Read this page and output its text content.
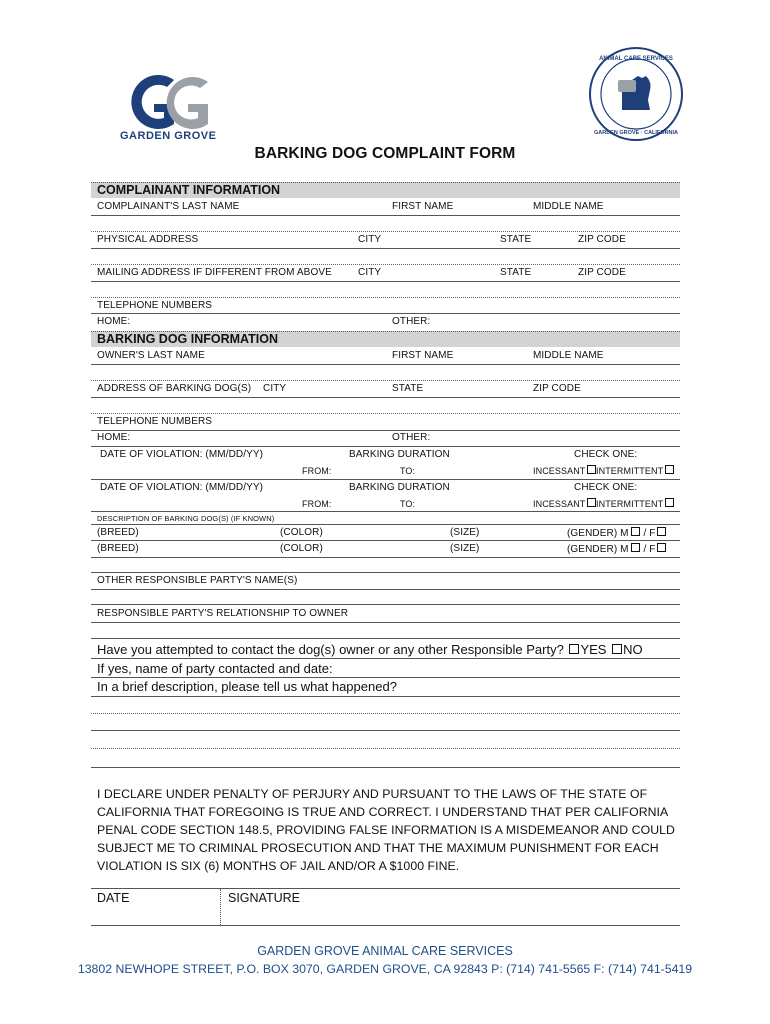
GARDEN GROVE
ANIMAL CARE SERVICES
GARDEN GROVE · CALIFORNIA
BARKING DOG COMPLAINT FORM
COMPLAINANT INFORMATION
COMPLAINANT'S LAST NAME	FIRST NAME	MIDDLE NAME
PHYSICAL ADDRESS	CITY	STATE	ZIP CODE
MAILING ADDRESS IF DIFFERENT FROM ABOVE	CITY	STATE	ZIP CODE
TELEPHONE NUMBERS
HOME:	OTHER:
BARKING DOG INFORMATION
OWNER'S LAST NAME	FIRST NAME	MIDDLE NAME
ADDRESS OF BARKING DOG(S) CITY	STATE	ZIP CODE
TELEPHONE NUMBERS
HOME:	OTHER:
DATE OF VIOLATION: (MM/DD/YY)	BARKING DURATION	CHECK ONE:
FROM:	TO:	INCESSANT	INTERMITTENT
DATE OF VIOLATION: (MM/DD/YY)	BARKING DURATION	CHECK ONE:
FROM:	TO:	INCESSANT	INTERMITTENT
DESCRIPTION OF BARKING DOG(S) (IF KNOWN)
(BREED)	(COLOR)	(SIZE)	(GENDER) M / F
(BREED)	(COLOR)	(SIZE)	(GENDER) M / F
OTHER RESPONSIBLE PARTY'S NAME(S)
RESPONSIBLE PARTY'S RELATIONSHIP TO OWNER
Have you attempted to contact the dog(s) owner or any other Responsible Party? YES NO
If yes, name of party contacted and date:
In a brief description, please tell us what happened?
I DECLARE UNDER PENALTY OF PERJURY AND PURSUANT TO THE LAWS OF THE STATE OF CALIFORNIA THAT FOREGOING IS TRUE AND CORRECT. I UNDERSTAND THAT PER CALIFORNIA PENAL CODE SECTION 148.5, PROVIDING FALSE INFORMATION IS A MISDEMEANOR AND COULD SUBJECT ME TO CRIMINAL PROSECUTION AND THAT THE MAXIMUM PUNISHMENT FOR EACH VIOLATION IS SIX (6) MONTHS OF JAIL AND/OR A $1000 FINE.
DATE	SIGNATURE
GARDEN GROVE ANIMAL CARE SERVICES
13802 NEWHOPE STREET, P.O. BOX 3070, GARDEN GROVE, CA 92843 P: (714) 741-5565 F: (714) 741-5419
